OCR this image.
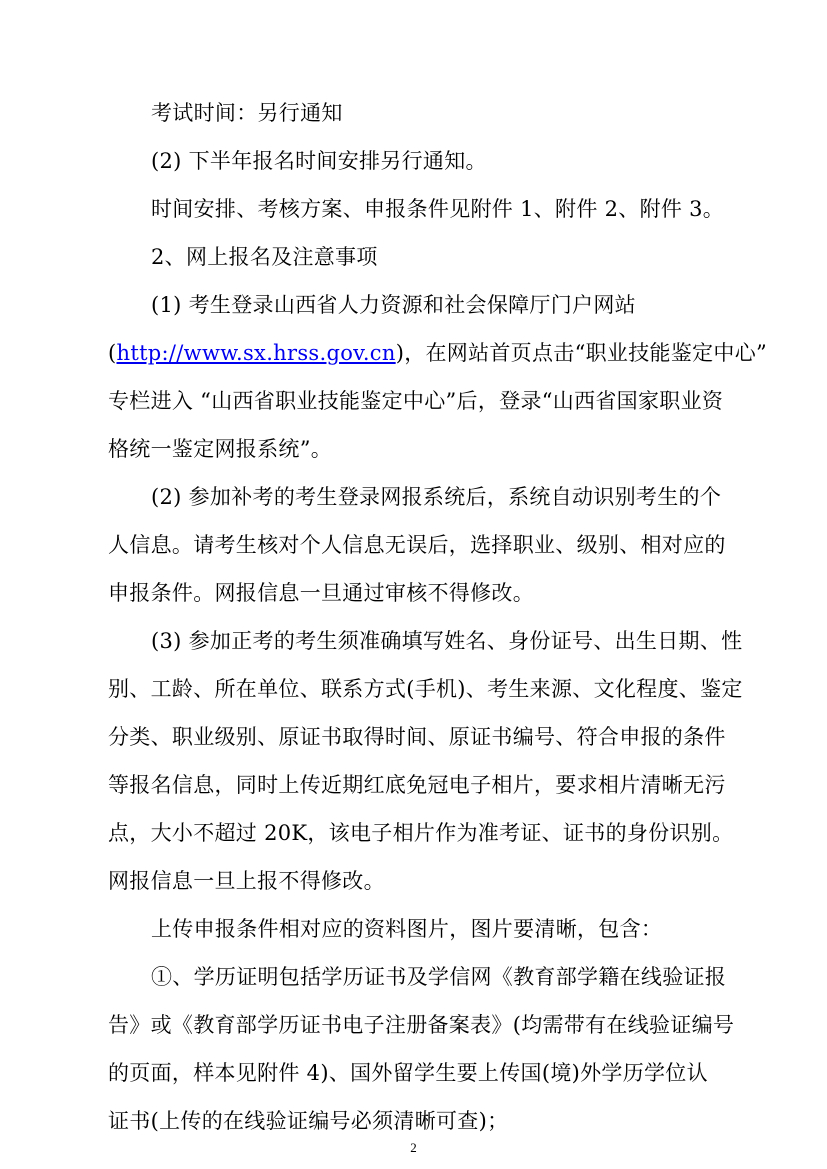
考试时间：另行通知
(2) 下半年报名时间安排另行通知。
时间安排、考核方案、申报条件见附件 1、附件 2、附件 3。
2、网上报名及注意事项
(1) 考生登录山西省人力资源和社会保障厅门户网站
(http://www.sx.hrss.gov.cn)，在网站首页点击“职业技能鉴定中心”
专栏进入 “山西省职业技能鉴定中心”后，登录“山西省国家职业资
格统一鉴定网报系统”。
(2) 参加补考的考生登录网报系统后，系统自动识别考生的个
人信息。请考生核对个人信息无误后，选择职业、级别、相对应的
申报条件。网报信息一旦通过审核不得修改。
(3) 参加正考的考生须准确填写姓名、身份证号、出生日期、性
别、工龄、所在单位、联系方式(手机)、考生来源、文化程度、鉴定
分类、职业级别、原证书取得时间、原证书编号、符合申报的条件
等报名信息，同时上传近期红底免冠电子相片，要求相片清晰无污
点，大小不超过 20K，该电子相片作为准考证、证书的身份识别。
网报信息一旦上报不得修改。
上传申报条件相对应的资料图片，图片要清晰，包含：
①、学历证明包括学历证书及学信网《教育部学籍在线验证报
告》或《教育部学历证书电子注册备案表》(均需带有在线验证编号
的页面，样本见附件 4)、国外留学生要上传国(境)外学历学位认
证书(上传的在线验证编号必须清晰可查)；
2
